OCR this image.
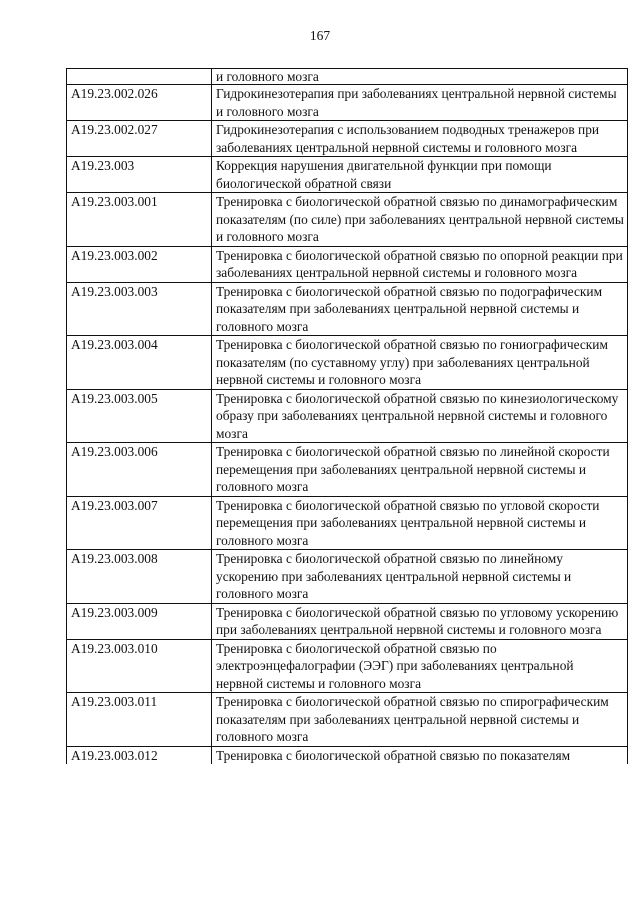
167
	и головного мозга
A19.23.002.026	Гидрокинезотерапия при заболеваниях центральной нервной системы и головного мозга
A19.23.002.027	Гидрокинезотерапия с использованием подводных тренажеров при заболеваниях центральной нервной системы и головного мозга
A19.23.003	Коррекция нарушения двигательной функции при помощи биологической обратной связи
A19.23.003.001	Тренировка с биологической обратной связью по динамографическим показателям (по силе) при заболеваниях центральной нервной системы и головного мозга
A19.23.003.002	Тренировка с биологической обратной связью по опорной реакции при заболеваниях центральной нервной системы и головного мозга
A19.23.003.003	Тренировка с биологической обратной связью по подографическим показателям при заболеваниях центральной нервной системы и головного мозга
A19.23.003.004	Тренировка с биологической обратной связью по гониографическим показателям (по суставному углу) при заболеваниях центральной нервной системы и головного мозга
A19.23.003.005	Тренировка с биологической обратной связью по кинезиологическому образу при заболеваниях центральной нервной системы и головного мозга
A19.23.003.006	Тренировка с биологической обратной связью по линейной скорости перемещения при заболеваниях центральной нервной системы и головного мозга
A19.23.003.007	Тренировка с биологической обратной связью по угловой скорости перемещения при заболеваниях центральной нервной системы и головного мозга
A19.23.003.008	Тренировка с биологической обратной связью по линейному ускорению при заболеваниях центральной нервной системы и головного мозга
A19.23.003.009	Тренировка с биологической обратной связью по угловому ускорению при заболеваниях центральной нервной системы и головного мозга
A19.23.003.010	Тренировка с биологической обратной связью по электроэнцефалографии (ЭЭГ) при заболеваниях центральной нервной системы и головного мозга
A19.23.003.011	Тренировка с биологической обратной связью по спирографическим показателям при заболеваниях центральной нервной системы и головного мозга
A19.23.003.012	Тренировка с биологической обратной связью по показателям
